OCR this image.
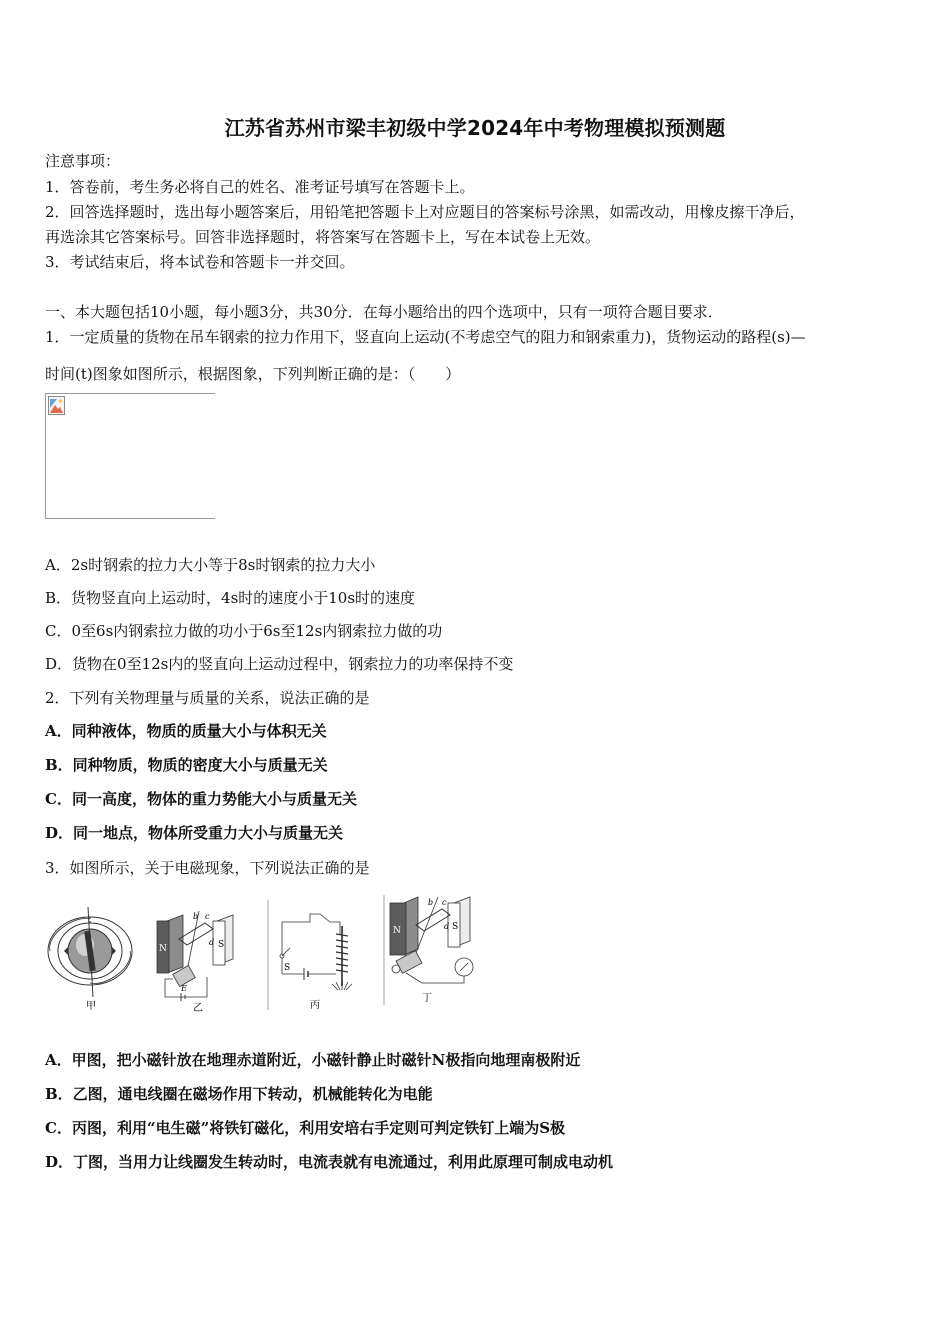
江苏省苏州市梁丰初级中学2024年中考物理模拟预测题
注意事项：
1．答卷前，考生务必将自己的姓名、准考证号填写在答题卡上。
2．回答选择题时，选出每小题答案后，用铅笔把答题卡上对应题目的答案标号涂黑，如需改动，用橡皮擦干净后，
再选涂其它答案标号。回答非选择题时，将答案写在答题卡上，写在本试卷上无效。
3．考试结束后，将本试卷和答题卡一并交回。
一、本大题包括10小题，每小题3分，共30分．在每小题给出的四个选项中，只有一项符合题目要求．
1．一定质量的货物在吊车钢索的拉力作用下，竖直向上运动(不考虑空气的阻力和钢索重力)，货物运动的路程(s)—
时间(t)图象如图所示，根据图象，下列判断正确的是：（　　）
A．2s时钢索的拉力大小等于8s时钢索的拉力大小
B．货物竖直向上运动时，4s时的速度小于10s时的速度
C．0至6s内钢索拉力做的功小于6s至12s内钢索拉力做的功
D．货物在0至12s内的竖直向上运动过程中，钢索拉力的功率保持不变
2．下列有关物理量与质量的关系，说法正确的是
A．同种液体，物质的质量大小与体积无关
B．同种物质，物质的密度大小与质量无关
C．同一高度，物体的重力势能大小与质量无关
D．同一地点，物体所受重力大小与质量无关
3．如图所示，关于电磁现象，下列说法正确的是
甲
N	S
b c
d
E
乙
S
丙
N	S
b c
d
丁
A．甲图，把小磁针放在地理赤道附近，小磁针静止时磁针N极指向地理南极附近
B．乙图，通电线圈在磁场作用下转动，机械能转化为电能
C．丙图，利用“电生磁”将铁钉磁化，利用安培右手定则可判定铁钉上端为S极
D．丁图，当用力让线圈发生转动时，电流表就有电流通过，利用此原理可制成电动机
